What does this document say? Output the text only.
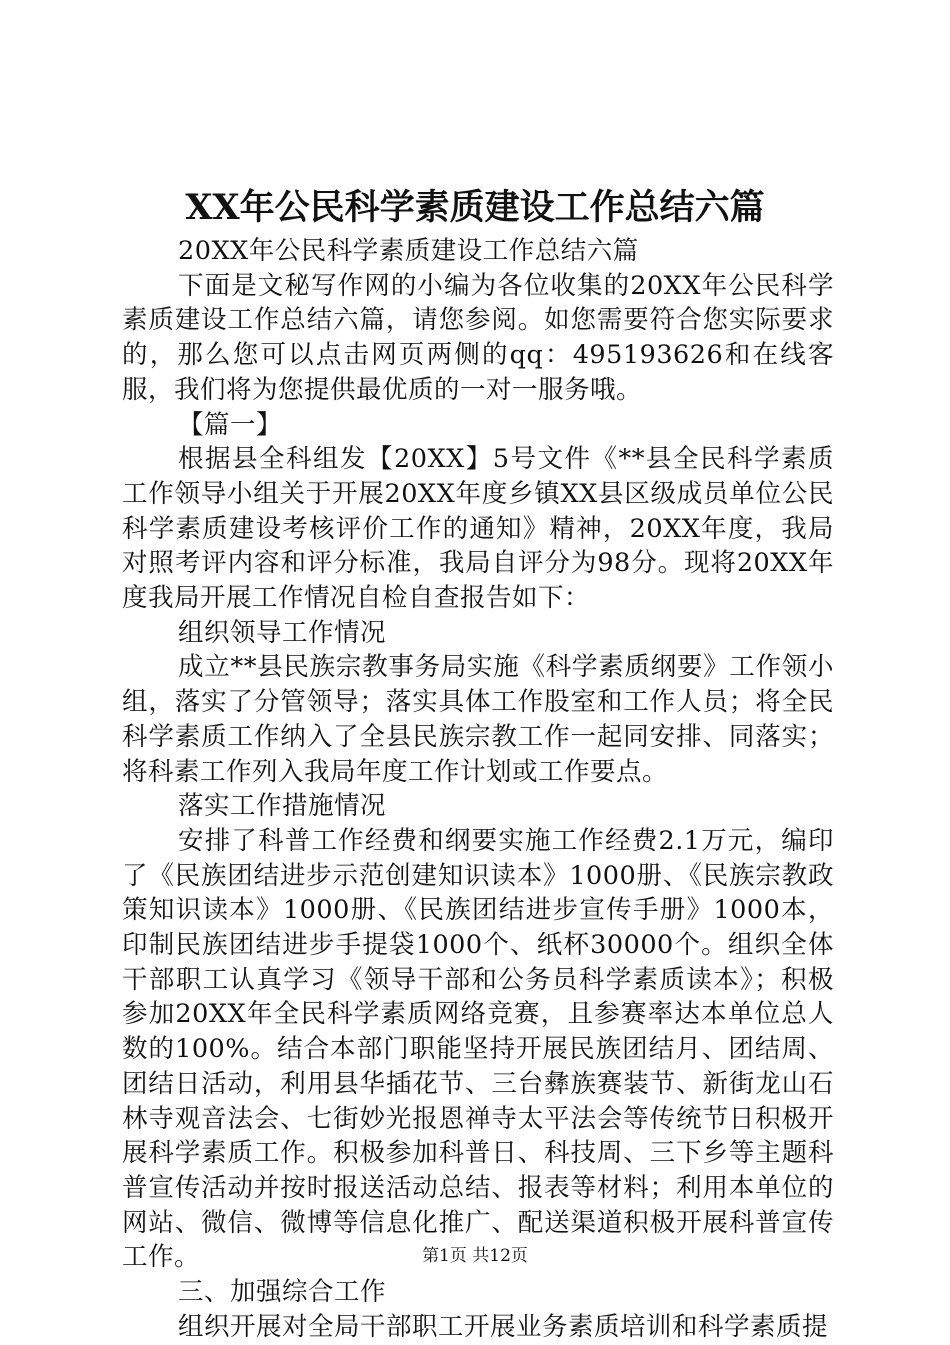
XX年公民科学素质建设工作总结六篇

20XX年公民科学素质建设工作总结六篇

下面是文秘写作网的小编为各位收集的20XX年公民科学素质建设工作总结六篇，请您参阅。如您需要符合您实际要求的，那么您可以点击网页两侧的qq：495193626和在线客服，我们将为您提供最优质的一对一服务哦。

【篇一】

根据县全科组发【20XX】5号文件《**县全民科学素质工作领导小组关于开展20XX年度乡镇XX县区级成员单位公民科学素质建设考核评价工作的通知》精神，20XX年度，我局对照考评内容和评分标准，我局自评分为98分。现将20XX年度我局开展工作情况自检自查报告如下：

组织领导工作情况

成立**县民族宗教事务局实施《科学素质纲要》工作领小组，落实了分管领导；落实具体工作股室和工作人员；将全民科学素质工作纳入了全县民族宗教工作一起同安排、同落实；将科素工作列入我局年度工作计划或工作要点。

落实工作措施情况

安排了科普工作经费和纲要实施工作经费2.1万元，编印了《民族团结进步示范创建知识读本》1000册、《民族宗教政策知识读本》1000册、《民族团结进步宣传手册》1000本，印制民族团结进步手提袋1000个、纸杯30000个。组织全体干部职工认真学习《领导干部和公务员科学素质读本》；积极参加20XX年全民科学素质网络竞赛，且参赛率达本单位总人数的100%。结合本部门职能坚持开展民族团结月、团结周、团结日活动，利用县华插花节、三台彝族赛装节、新街龙山石林寺观音法会、七街妙光报恩禅寺太平法会等传统节日积极开展科学素质工作。积极参加科普日、科技周、三下乡等主题科普宣传活动并按时报送活动总结、报表等材料；利用本单位的网站、微信、微博等信息化推广、配送渠道积极开展科普宣传工作。

三、加强综合工作

组织开展对全局干部职工开展业务素质培训和科学素质提

第1页 共12页
